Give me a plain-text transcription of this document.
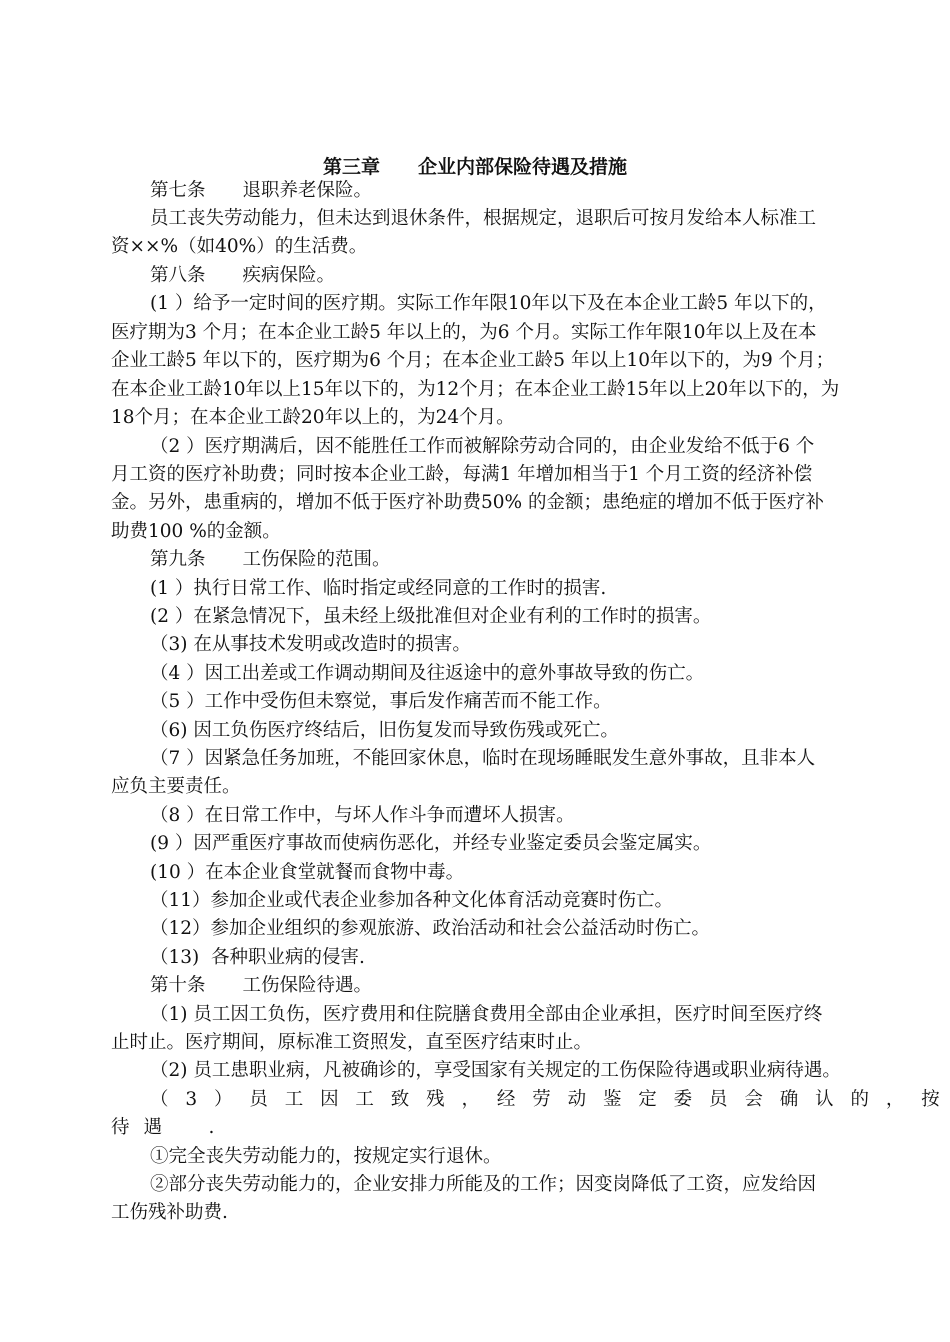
第三章　　企业内部保险待遇及措施
第七条　　退职养老保险。
员工丧失劳动能力，但未达到退休条件，根据规定，退职后可按月发给本人标准工
资××%（如40%）的生活费。
第八条　　疾病保险。
(1 ）给予一定时间的医疗期。实际工作年限10年以下及在本企业工龄5 年以下的，
医疗期为3 个月；在本企业工龄5 年以上的，为6 个月。实际工作年限10年以上及在本
企业工龄5 年以下的，医疗期为6 个月；在本企业工龄5 年以上10年以下的，为9 个月；
在本企业工龄10年以上15年以下的，为12个月；在本企业工龄15年以上20年以下的，为
18个月；在本企业工龄20年以上的，为24个月。
（2 ）医疗期满后，因不能胜任工作而被解除劳动合同的，由企业发给不低于6 个
月工资的医疗补助费；同时按本企业工龄，每满1 年增加相当于1 个月工资的经济补偿
金。另外，患重病的，增加不低于医疗补助费50% 的金额；患绝症的增加不低于医疗补
助费100 %的金额。
第九条　　工伤保险的范围。
(1 ）执行日常工作、临时指定或经同意的工作时的损害.
(2 ）在紧急情况下，虽未经上级批准但对企业有利的工作时的损害。
（3) 在从事技术发明或改造时的损害。
（4 ）因工出差或工作调动期间及往返途中的意外事故导致的伤亡。
（5 ）工作中受伤但未察觉，事后发作痛苦而不能工作。
（6) 因工负伤医疗终结后，旧伤复发而导致伤残或死亡。
（7 ）因紧急任务加班，不能回家休息，临时在现场睡眠发生意外事故，且非本人
应负主要责任。
（8 ）在日常工作中，与坏人作斗争而遭坏人损害。
(9 ）因严重医疗事故而使病伤恶化，并经专业鉴定委员会鉴定属实。
(10 ）在本企业食堂就餐而食物中毒。
（11）参加企业或代表企业参加各种文化体育活动竞赛时伤亡。
（12）参加企业组织的参观旅游、政治活动和社会公益活动时伤亡。
（13)  各种职业病的侵害.
第十条　　工伤保险待遇。
（1) 员工因工负伤，医疗费用和住院膳食费用全部由企业承担，医疗时间至医疗终
止时止。医疗期间，原标准工资照发，直至医疗结束时止。
（2) 员工患职业病，凡被确诊的，享受国家有关规定的工伤保险待遇或职业病待遇。
（ 3 ） 员 工 因 工 致 残 ， 经 劳 动 鉴 定 委 员 会 确 认 的 ， 按
待遇　.
①完全丧失劳动能力的，按规定实行退休。
②部分丧失劳动能力的，企业安排力所能及的工作；因变岗降低了工资，应发给因
工伤残补助费.
